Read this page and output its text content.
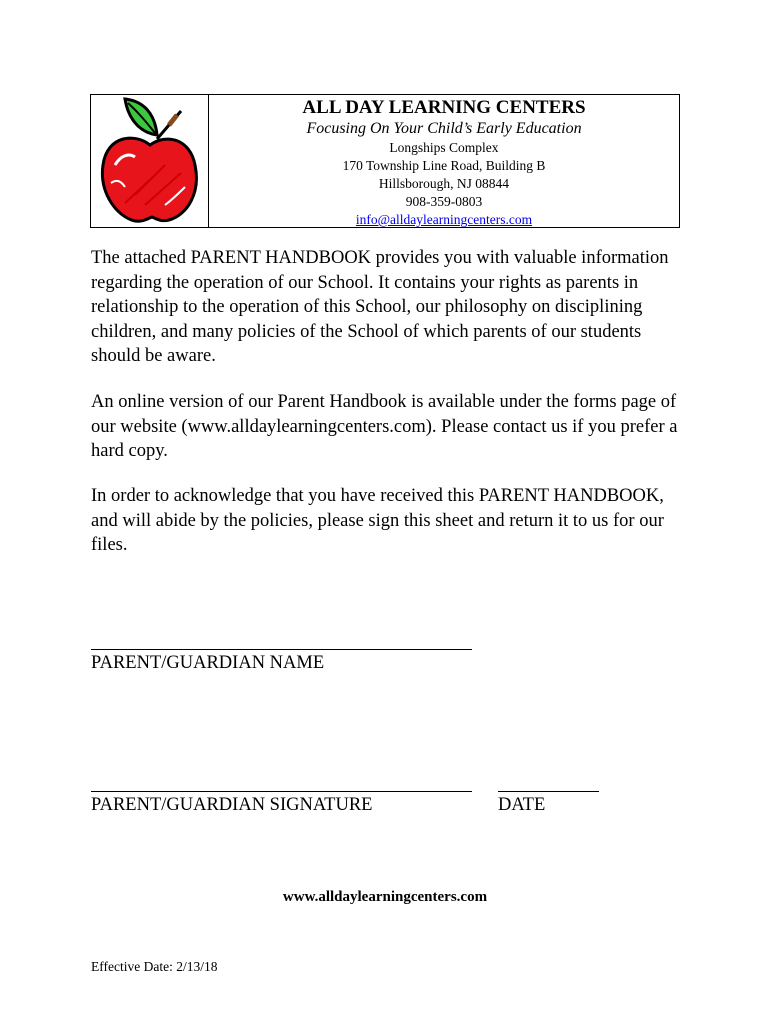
ALL DAY LEARNING CENTERS
Focusing On Your Child’s Early Education
Longships Complex
170 Township Line Road, Building B
Hillsborough, NJ 08844
908-359-0803
info@alldaylearningcenters.com
The attached PARENT HANDBOOK provides you with valuable information regarding the operation of our School. It contains your rights as parents in relationship to the operation of this School, our philosophy on disciplining children, and many policies of the School of which parents of our students should be aware.
An online version of our Parent Handbook is available under the forms page of our website (www.alldaylearningcenters.com). Please contact us if you prefer a hard copy.
In order to acknowledge that you have received this PARENT HANDBOOK, and will abide by the policies, please sign this sheet and return it to us for our files.
PARENT/GUARDIAN NAME
PARENT/GUARDIAN SIGNATURE	DATE
www.alldaylearningcenters.com
Effective Date: 2/13/18
